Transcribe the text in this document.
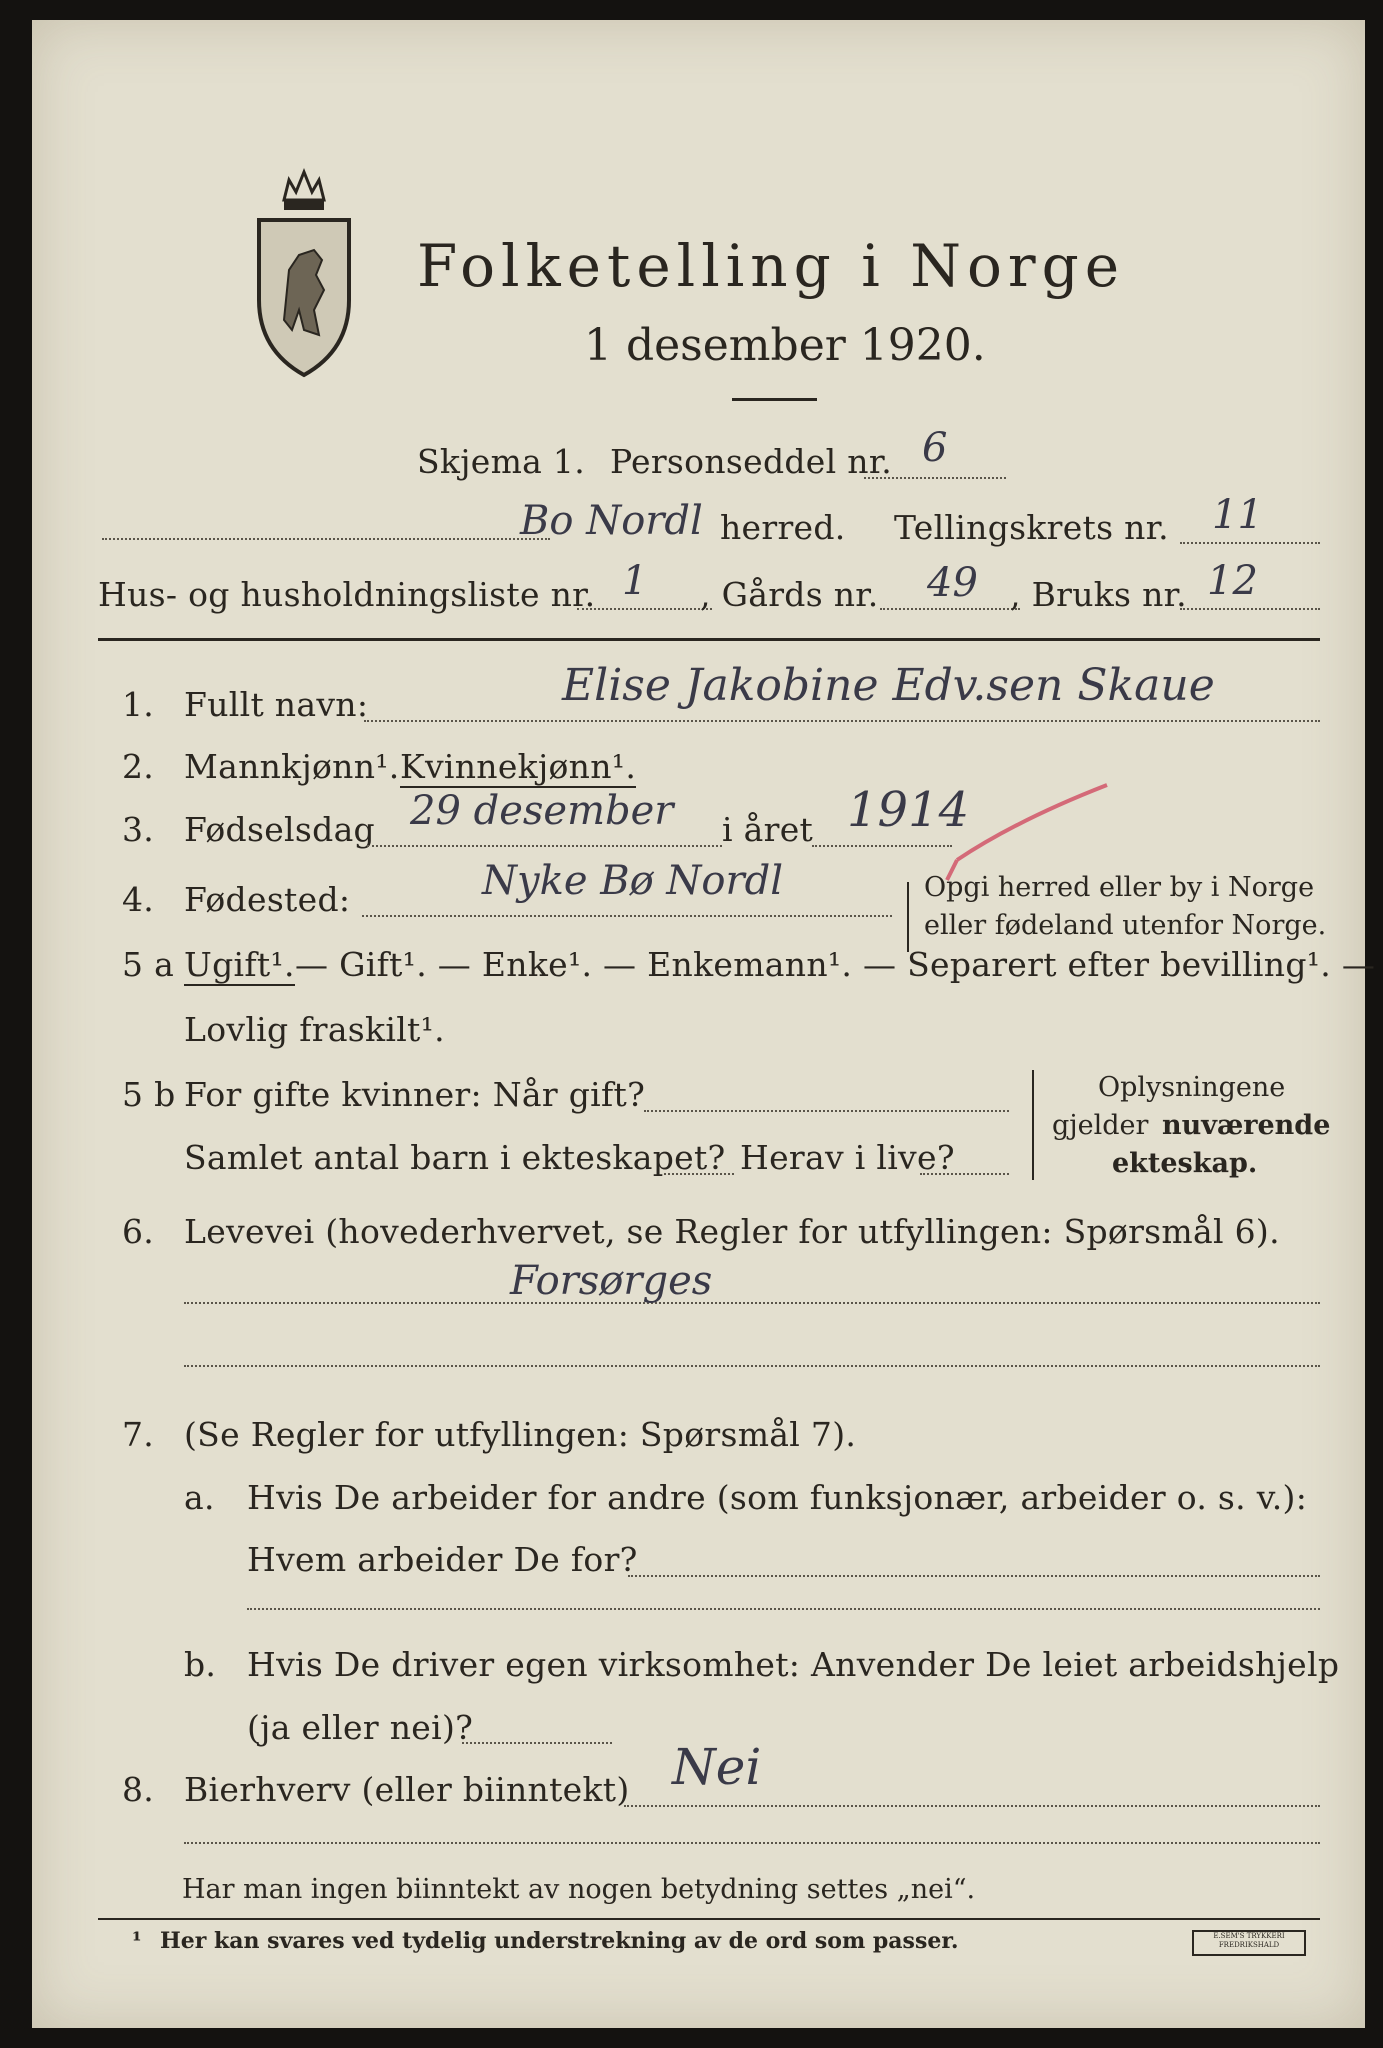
Folketelling i Norge
1 desember 1920.
Skjema 1. Personseddel nr. 6
Bo Nordl herred. Tellingskrets nr. 11
Hus- og husholdningsliste nr. 1 , Gårds nr. 49 , Bruks nr. 12
1. Fullt navn:	Elise Jakobine Edv.sen Skaue
2. Mannkjønn¹. Kvinnekjønn¹.
3. Fødselsdag 29 desember i året 1914
4. Fødested:	Nyke Bø Nordl	Opgi herred eller by i Norge
eller fødeland utenfor Norge.
5 a Ugift¹. — Gift¹. — Enke¹. — Enkemann¹. — Separert efter bevilling¹. —
Lovlig fraskilt¹.
5 b For gifte kvinner: Når gift?
Samlet antal barn i ekteskapet? Herav i live?
Oplysningene
gjelder nuværende
ekteskap.
6. Levevei (hovederhvervet, se Regler for utfyllingen: Spørsmål 6).
Forsørges
7. (Se Regler for utfyllingen: Spørsmål 7).
a. Hvis De arbeider for andre (som funksjonær, arbeider o. s. v.):
Hvem arbeider De for?
b. Hvis De driver egen virksomhet: Anvender De leiet arbeidshjelp
(ja eller nei)?
8. Bierhverv (eller biinntekt) Nei
Har man ingen biinntekt av nogen betydning settes „nei“.
¹ Her kan svares ved tydelig understrekning av de ord som passer.	E.SEM'S TRYKKERI FREDRIKSHALD
